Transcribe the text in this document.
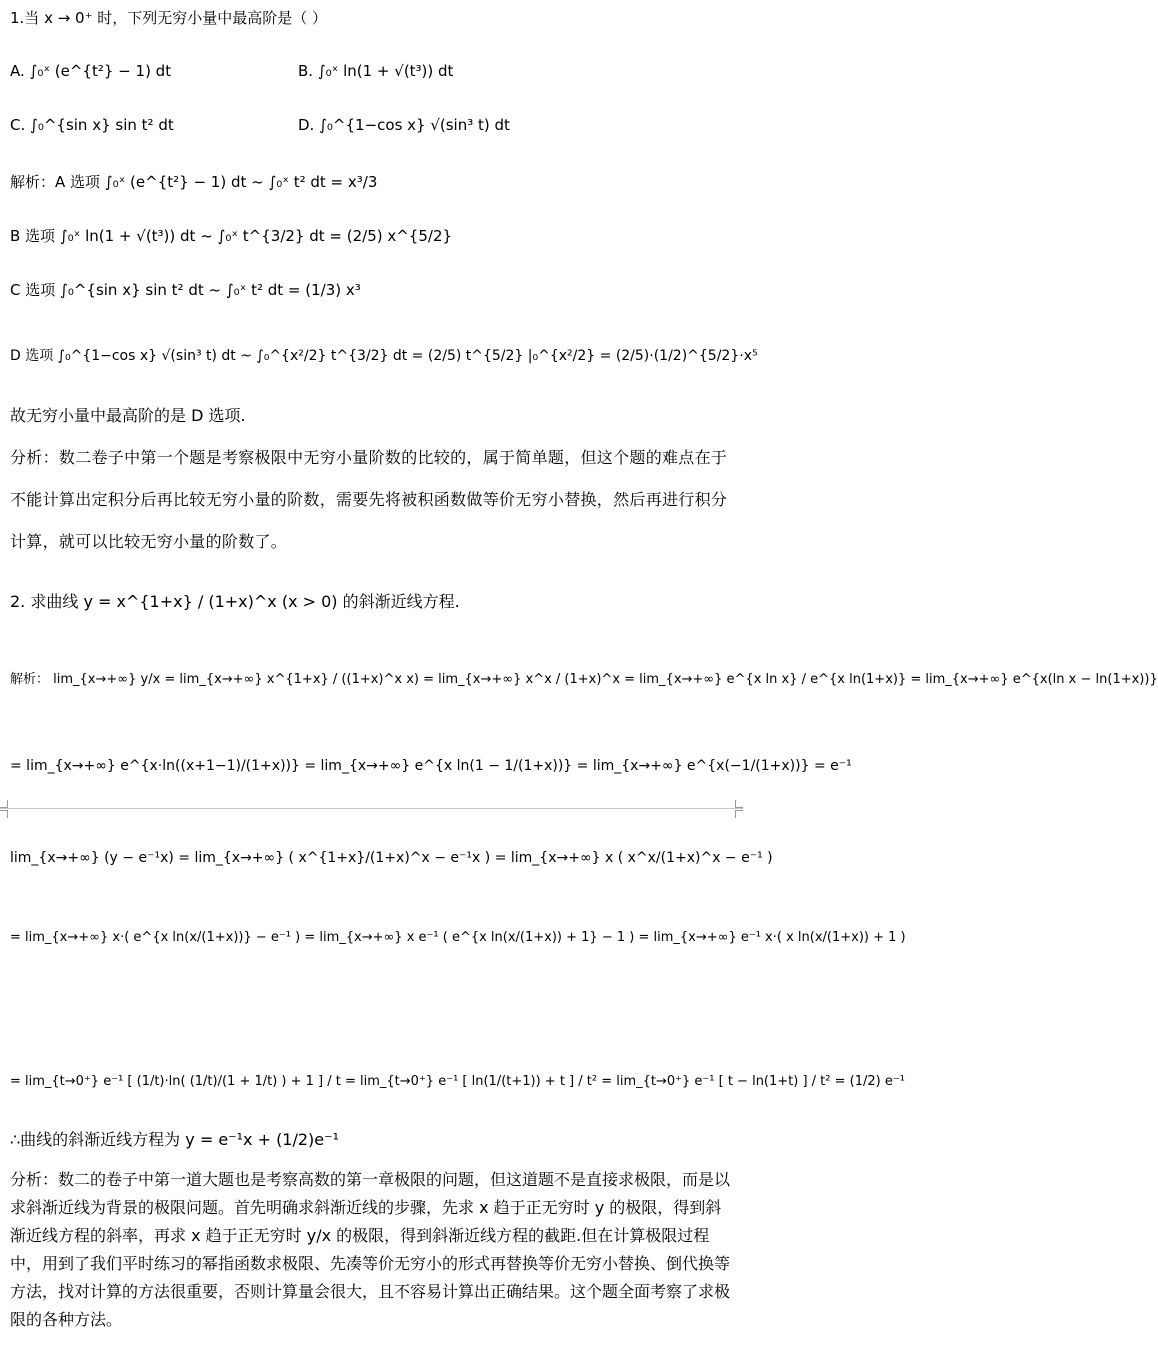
1.当 x → 0⁺ 时，下列无穷小量中最高阶是（ ）
A. ∫₀ˣ (e^{t²} − 1) dt	B. ∫₀ˣ ln(1 + √(t³)) dt
C. ∫₀^{sin x} sin t² dt	D. ∫₀^{1−cos x} √(sin³ t) dt
解析：A 选项 ∫₀ˣ (e^{t²} − 1) dt ~ ∫₀ˣ t² dt = x³/3
B 选项 ∫₀ˣ ln(1 + √(t³)) dt ~ ∫₀ˣ t^{3/2} dt = (2/5) x^{5/2}
C 选项 ∫₀^{sin x} sin t² dt ~ ∫₀ˣ t² dt = (1/3) x³
D 选项 ∫₀^{1−cos x} √(sin³ t) dt ~ ∫₀^{x²/2} t^{3/2} dt = (2/5) t^{5/2} |₀^{x²/2} = (2/5)·(1/2)^{5/2}·x⁵
故无穷小量中最高阶的是 D 选项.
分析：数二卷子中第一个题是考察极限中无穷小量阶数的比较的，属于简单题，但这个题的难点在于不能计算出定积分后再比较无穷小量的阶数，需要先将被积函数做等价无穷小替换，然后再进行积分计算，就可以比较无穷小量的阶数了。
2. 求曲线 y = x^{1+x} / (1+x)^x (x > 0) 的斜渐近线方程.
解析： lim_{x→+∞} y/x = lim_{x→+∞} x^{1+x} / ((1+x)^x x) = lim_{x→+∞} x^x / (1+x)^x = lim_{x→+∞} e^{x ln x} / e^{x ln(1+x)} = lim_{x→+∞} e^{x(ln x − ln(1+x))}
= lim_{x→+∞} e^{x·ln((x+1−1)/(1+x))} = lim_{x→+∞} e^{x ln(1 − 1/(1+x))} = lim_{x→+∞} e^{x(−1/(1+x))} = e⁻¹
lim_{x→+∞} (y − e⁻¹x) = lim_{x→+∞} ( x^{1+x}/(1+x)^x − e⁻¹x ) = lim_{x→+∞} x ( x^x/(1+x)^x − e⁻¹ )
= lim_{x→+∞} x·( e^{x ln(x/(1+x))} − e⁻¹ ) = lim_{x→+∞} x e⁻¹ ( e^{x ln(x/(1+x)) + 1} − 1 ) = lim_{x→+∞} e⁻¹ x·( x ln(x/(1+x)) + 1 )
= lim_{t→0⁺} e⁻¹ [ (1/t)·ln( (1/t)/(1 + 1/t) ) + 1 ] / t = lim_{t→0⁺} e⁻¹ [ ln(1/(t+1)) + t ] / t² = lim_{t→0⁺} e⁻¹ [ t − ln(1+t) ] / t² = (1/2) e⁻¹
∴曲线的斜渐近线方程为 y = e⁻¹x + (1/2)e⁻¹
分析：数二的卷子中第一道大题也是考察高数的第一章极限的问题，但这道题不是直接求极限，而是以求斜渐近线为背景的极限问题。首先明确求斜渐近线的步骤，先求 x 趋于正无穷时 y 的极限，得到斜渐近线方程的斜率，再求 x 趋于正无穷时 y/x 的极限，得到斜渐近线方程的截距.但在计算极限过程中，用到了我们平时练习的幂指函数求极限、先凑等价无穷小的形式再替换等价无穷小替换、倒代换等方法，找对计算的方法很重要，否则计算量会很大，且不容易计算出正确结果。这个题全面考察了求极限的各种方法。
